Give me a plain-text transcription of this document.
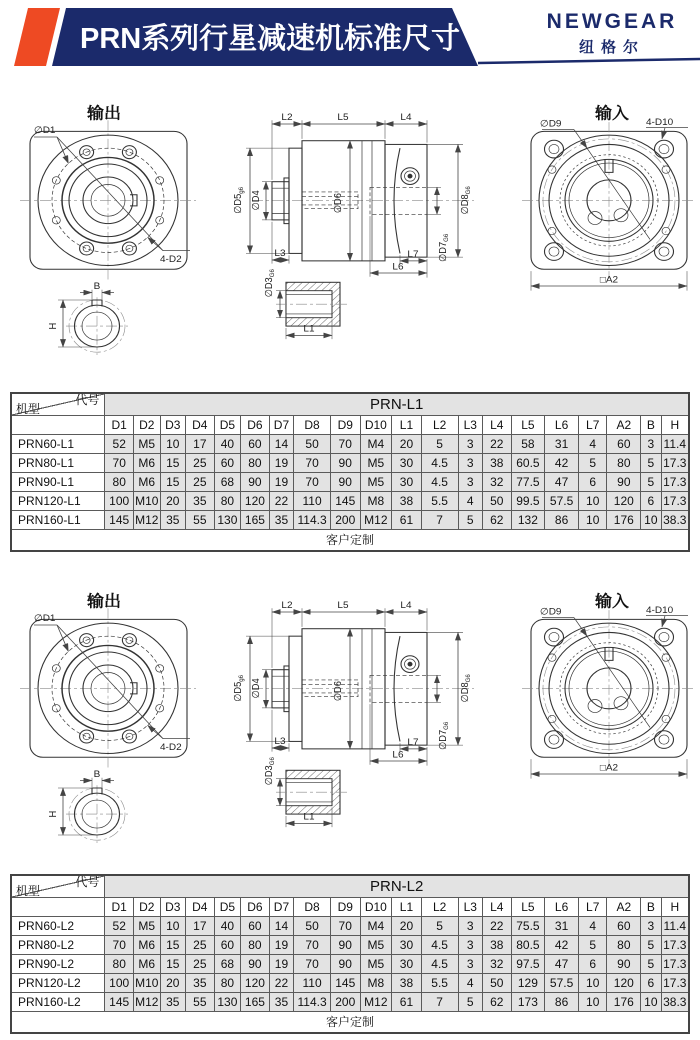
PRN系列行星减速机标准尺寸
NEWGEAR
纽格尔
输出
∅D1
4-D2
B
H
L2	L5	L4
$\emptyset D5_{g6}$ ∅D4	∅D6	$\emptyset D8_{G6}$
$\emptyset D7_{G6}$
L3	L7
L6
$\emptyset D3_{G6}$
L1
输入
∅D9	4-D10
□A2
代号
机型	PRN-L1																			
	D1	D2	D3	D4	D5	D6	D7	D8	D9	D10	L1	L2	L3	L4	L5	L6	L7	A2	B	H
PRN60-L1	52	M5	10	17	40	60	14	50	70	M4	20	5	3	22	58	31	4	60	3	11.4
PRN80-L1	70	M6	15	25	60	80	19	70	90	M5	30	4.5	3	38	60.5	42	5	80	5	17.3
PRN90-L1	80	M6	15	25	68	90	19	70	90	M5	30	4.5	3	32	77.5	47	6	90	5	17.3
PRN120-L1	100	M10	20	35	80	120	22	110	145	M8	38	5.5	4	50	99.5	57.5	10	120	6	17.3
PRN160-L1	145	M12	35	55	130	165	35	114.3	200	M12	61	7	5	62	132	86	10	176	10	38.3
客户定制																				
输出
∅D1
4-D2
B
H
L2	L5	L4
$\emptyset D5_{g6}$ ∅D4	∅D6	$\emptyset D8_{G6}$
$\emptyset D7_{G6}$
L3	L7
L6
$\emptyset D3_{G6}$
L1
输入
∅D9	4-D10
□A2
代号
机型	PRN-L2																			
	D1	D2	D3	D4	D5	D6	D7	D8	D9	D10	L1	L2	L3	L4	L5	L6	L7	A2	B	H
PRN60-L2	52	M5	10	17	40	60	14	50	70	M4	20	5	3	22	75.5	31	4	60	3	11.4
PRN80-L2	70	M6	15	25	60	80	19	70	90	M5	30	4.5	3	38	80.5	42	5	80	5	17.3
PRN90-L2	80	M6	15	25	68	90	19	70	90	M5	30	4.5	3	32	97.5	47	6	90	5	17.3
PRN120-L2	100	M10	20	35	80	120	22	110	145	M8	38	5.5	4	50	129	57.5	10	120	6	17.3
PRN160-L2	145	M12	35	55	130	165	35	114.3	200	M12	61	7	5	62	173	86	10	176	10	38.3
客户定制																				
